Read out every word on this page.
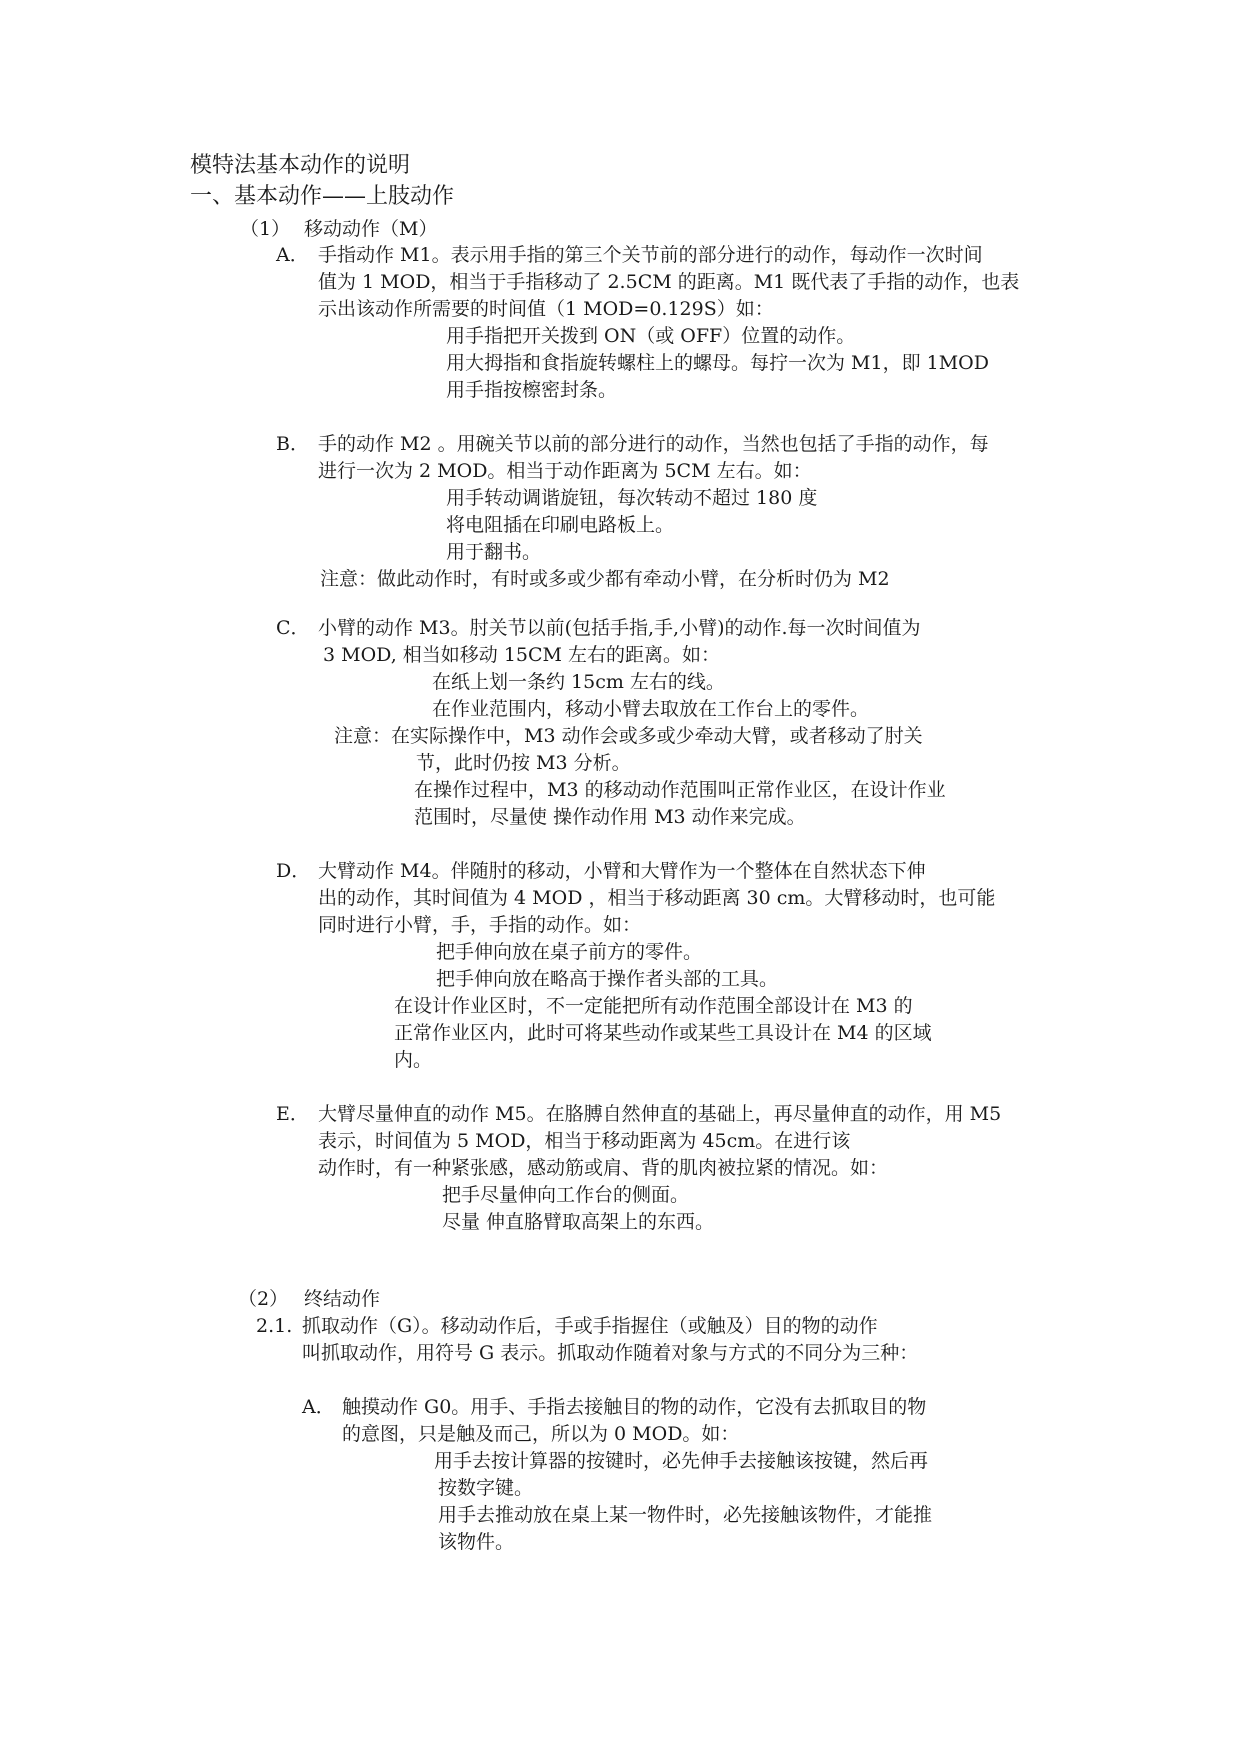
模特法基本动作的说明
一、基本动作——上肢动作
（1） 移动动作（M）
A． 手指动作 M1。表示用手指的第三个关节前的部分进行的动作，每动作一次时间
值为 1 MOD，相当于手指移动了 2.5CM 的距离。M1 既代表了手指的动作，也表
示出该动作所需要的时间值（1 MOD=0.129S）如：
用手指把开关拨到 ON（或 OFF）位置的动作。
用大拇指和食指旋转螺柱上的螺母。每拧一次为 M1，即 1MOD
用手指按檫密封条。
B． 手的动作 M2 。用碗关节以前的部分进行的动作，当然也包括了手指的动作，每
进行一次为 2 MOD。相当于动作距离为 5CM 左右。如：
用手转动调谐旋钮，每次转动不超过 180 度
将电阻插在印刷电路板上。
用于翻书。
注意：做此动作时，有时或多或少都有牵动小臂，在分析时仍为 M2
C． 小臂的动作 M3。肘关节以前(包括手指,手,小臂)的动作.每一次时间值为
3 MOD, 相当如移动 15CM 左右的距离。如：
在纸上划一条约 15cm 左右的线。
在作业范围内，移动小臂去取放在工作台上的零件。
注意：在实际操作中，M3 动作会或多或少牵动大臂，或者移动了肘关
节，此时仍按 M3 分析。
在操作过程中，M3 的移动动作范围叫正常作业区，在设计作业
范围时，尽量使 操作动作用 M3 动作来完成。
D． 大臂动作 M4。伴随肘的移动，小臂和大臂作为一个整体在自然状态下伸
出的动作，其时间值为 4 MOD ，相当于移动距离 30 cm。大臂移动时，也可能
同时进行小臂，手，手指的动作。如：
把手伸向放在桌子前方的零件。
把手伸向放在略高于操作者头部的工具。
在设计作业区时，不一定能把所有动作范围全部设计在 M3 的
正常作业区内，此时可将某些动作或某些工具设计在 M4 的区域
内。
E． 大臂尽量伸直的动作 M5。在胳膊自然伸直的基础上，再尽量伸直的动作，用 M5
表示，时间值为 5 MOD，相当于移动距离为 45cm。在进行该
动作时，有一种紧张感，感动筋或肩、背的肌肉被拉紧的情况。如：
把手尽量伸向工作台的侧面。
尽量 伸直胳臂取高架上的东西。
（2） 终结动作
2.1. 抓取动作（G）。移动动作后，手或手指握住（或触及）目的物的动作
叫抓取动作，用符号 G 表示。抓取动作随着对象与方式的不同分为三种：
A． 触摸动作 G0。用手、手指去接触目的物的动作，它没有去抓取目的物
的意图，只是触及而己，所以为 0 MOD。如：
用手去按计算器的按键时，必先伸手去接触该按键，然后再
按数字键。
用手去推动放在桌上某一物件时，必先接触该物件，才能推
该物件。
